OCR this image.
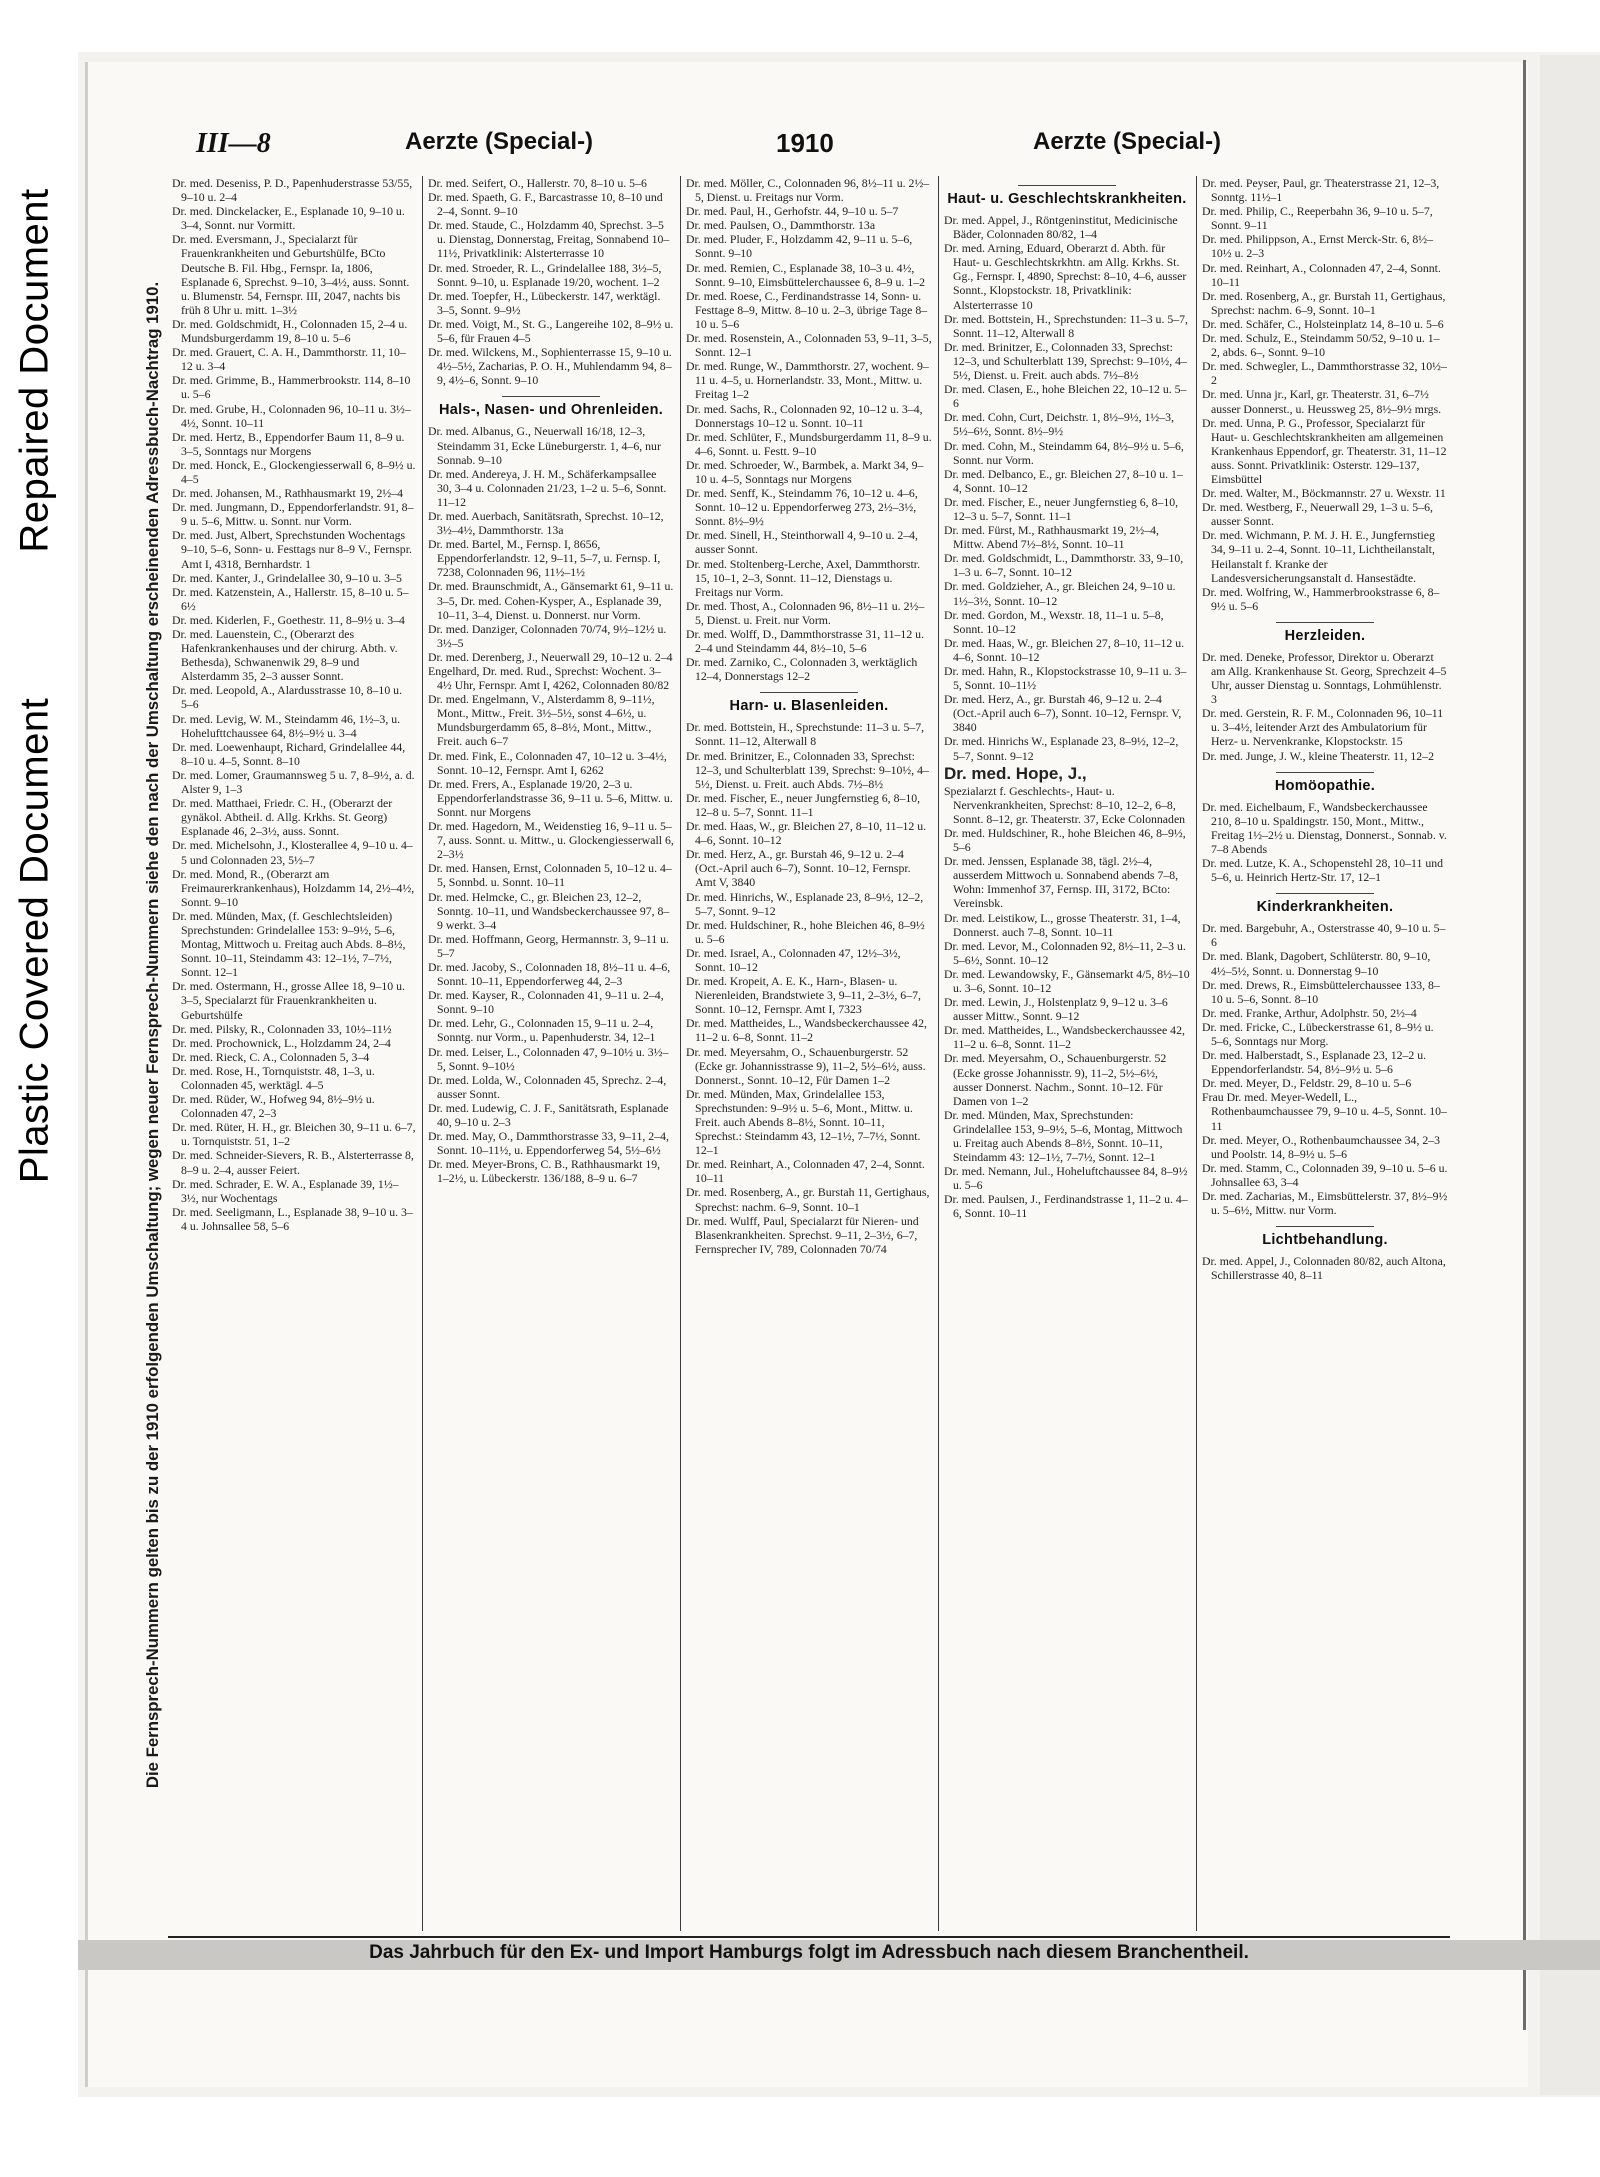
Repaired Document
Plastic Covered Document
III—8	Aerzte (Special-)	1910	Aerzte (Special-)
Die Fernsprech-Nummern gelten bis zu der 1910 erfolgenden Umschaltung; wegen neuer Fernsprech-Nummern siehe den nach der Umschaltung erscheinenden Adressbuch-Nachtrag 1910.
Dr. med. Deseniss, P. D., Papenhuderstrasse 53/55, 9–10 u. 2–4
Dr. med. Dinckelacker, E., Esplanade 10, 9–10 u. 3–4, Sonnt. nur Vormitt.
Dr. med. Eversmann, J., Specialarzt für Frauenkrankheiten und Geburtshülfe, BCto Deutsche B. Fil. Hbg., Fernspr. Ia, 1806, Esplanade 6, Sprechst. 9–10, 3–4½, auss. Sonnt. u. Blumenstr. 54, Fernspr. III, 2047, nachts bis früh 8 Uhr u. mitt. 1–3½
Dr. med. Goldschmidt, H., Colonnaden 15, 2–4 u. Mundsburgerdamm 19, 8–10 u. 5–6
Dr. med. Grauert, C. A. H., Dammthorstr. 11, 10–12 u. 3–4
Dr. med. Grimme, B., Hammerbrookstr. 114, 8–10 u. 5–6
Dr. med. Grube, H., Colonnaden 96, 10–11 u. 3½–4½, Sonnt. 10–11
Dr. med. Hertz, B., Eppendorfer Baum 11, 8–9 u. 3–5, Sonntags nur Morgens
Dr. med. Honck, E., Glockengiesserwall 6, 8–9½ u. 4–5
Dr. med. Johansen, M., Rathhausmarkt 19, 2½–4
Dr. med. Jungmann, D., Eppendorferlandstr. 91, 8–9 u. 5–6, Mittw. u. Sonnt. nur Vorm.
Dr. med. Just, Albert, Sprechstunden Wochentags 9–10, 5–6, Sonn- u. Festtags nur 8–9 V., Fernspr. Amt I, 4318, Bernhardstr. 1
Dr. med. Kanter, J., Grindelallee 30, 9–10 u. 3–5
Dr. med. Katzenstein, A., Hallerstr. 15, 8–10 u. 5–6½
Dr. med. Kiderlen, F., Goethestr. 11, 8–9½ u. 3–4
Dr. med. Lauenstein, C., (Oberarzt des Hafenkrankenhauses und der chirurg. Abth. v. Bethesda), Schwanenwik 29, 8–9 und Alsterdamm 35, 2–3 ausser Sonnt.
Dr. med. Leopold, A., Alardusstrasse 10, 8–10 u. 5–6
Dr. med. Levig, W. M., Steindamm 46, 1½–3, u. Hohelufttchaussee 64, 8½–9½ u. 3–4
Dr. med. Loewenhaupt, Richard, Grindelallee 44, 8–10 u. 4–5, Sonnt. 8–10
Dr. med. Lomer, Graumannsweg 5 u. 7, 8–9½, a. d. Alster 9, 1–3
Dr. med. Matthaei, Friedr. C. H., (Oberarzt der gynäkol. Abtheil. d. Allg. Krkhs. St. Georg) Esplanade 46, 2–3½, auss. Sonnt.
Dr. med. Michelsohn, J., Klosterallee 4, 9–10 u. 4–5 und Colonnaden 23, 5½–7
Dr. med. Mond, R., (Oberarzt am Freimaurerkrankenhaus), Holzdamm 14, 2½–4½, Sonnt. 9–10
Dr. med. Münden, Max, (f. Geschlechtsleiden) Sprechstunden: Grindelallee 153: 9–9½, 5–6, Montag, Mittwoch u. Freitag auch Abds. 8–8½, Sonnt. 10–11, Steindamm 43: 12–1½, 7–7½, Sonnt. 12–1
Dr. med. Ostermann, H., grosse Allee 18, 9–10 u. 3–5, Specialarzt für Frauenkrankheiten u. Geburtshülfe
Dr. med. Pilsky, R., Colonnaden 33, 10½–11½
Dr. med. Prochownick, L., Holzdamm 24, 2–4
Dr. med. Rieck, C. A., Colonnaden 5, 3–4
Dr. med. Rose, H., Tornquiststr. 48, 1–3, u. Colonnaden 45, werktägl. 4–5
Dr. med. Rüder, W., Hofweg 94, 8½–9½ u. Colonnaden 47, 2–3
Dr. med. Rüter, H. H., gr. Bleichen 30, 9–11 u. 6–7, u. Tornquiststr. 51, 1–2
Dr. med. Schneider-Sievers, R. B., Alsterterrasse 8, 8–9 u. 2–4, ausser Feiert.
Dr. med. Schrader, E. W. A., Esplanade 39, 1½–3½, nur Wochentags
Dr. med. Seeligmann, L., Esplanade 38, 9–10 u. 3–4 u. Johnsallee 58, 5–6
Dr. med. Seifert, O., Hallerstr. 70, 8–10 u. 5–6
Dr. med. Spaeth, G. F., Barcastrasse 10, 8–10 und 2–4, Sonnt. 9–10
Dr. med. Staude, C., Holzdamm 40, Sprechst. 3–5 u. Dienstag, Donnerstag, Freitag, Sonnabend 10–11½, Privatklinik: Alsterterrasse 10
Dr. med. Stroeder, R. L., Grindelallee 188, 3½–5, Sonnt. 9–10, u. Esplanade 19/20, wochent. 1–2
Dr. med. Toepfer, H., Lübeckerstr. 147, werktägl. 3–5, Sonnt. 9–9½
Dr. med. Voigt, M., St. G., Langereihe 102, 8–9½ u. 5–6, für Frauen 4–5
Dr. med. Wilckens, M., Sophienterrasse 15, 9–10 u. 4½–5½, Zacharias, P. O. H., Muhlendamm 94, 8–9, 4½–6, Sonnt. 9–10
Hals-, Nasen- und Ohrenleiden.
Dr. med. Albanus, G., Neuerwall 16/18, 12–3, Steindamm 31, Ecke Lüneburgerstr. 1, 4–6, nur Sonnab. 9–10
Dr. med. Andereya, J. H. M., Schäferkampsallee 30, 3–4 u. Colonnaden 21/23, 1–2 u. 5–6, Sonnt. 11–12
Dr. med. Auerbach, Sanitätsrath, Sprechst. 10–12, 3½–4½, Dammthorstr. 13a
Dr. med. Bartel, M., Fernsp. I, 8656, Eppendorferlandstr. 12, 9–11, 5–7, u. Fernsp. I, 7238, Colonnaden 96, 11½–1½
Dr. med. Braunschmidt, A., Gänsemarkt 61, 9–11 u. 3–5, Dr. med. Cohen-Kysper, A., Esplanade 39, 10–11, 3–4, Dienst. u. Donnerst. nur Vorm.
Dr. med. Danziger, Colonnaden 70/74, 9½–12½ u. 3½–5
Dr. med. Derenberg, J., Neuerwall 29, 10–12 u. 2–4
Engelhard, Dr. med. Rud., Sprechst: Wochent. 3–4½ Uhr, Fernspr. Amt I, 4262, Colonnaden 80/82
Dr. med. Engelmann, V., Alsterdamm 8, 9–11½, Mont., Mittw., Freit. 3½–5½, sonst 4–6½, u. Mundsburgerdamm 65, 8–8½, Mont., Mittw., Freit. auch 6–7
Dr. med. Fink, E., Colonnaden 47, 10–12 u. 3–4½, Sonnt. 10–12, Fernspr. Amt I, 6262
Dr. med. Frers, A., Esplanade 19/20, 2–3 u. Eppendorferlandstrasse 36, 9–11 u. 5–6, Mittw. u. Sonnt. nur Morgens
Dr. med. Hagedorn, M., Weidenstieg 16, 9–11 u. 5–7, auss. Sonnt. u. Mittw., u. Glockengiesserwall 6, 2–3½
Dr. med. Hansen, Ernst, Colonnaden 5, 10–12 u. 4–5, Sonnbd. u. Sonnt. 10–11
Dr. med. Helmcke, C., gr. Bleichen 23, 12–2, Sonntg. 10–11, und Wandsbeckerchaussee 97, 8–9 werkt. 3–4
Dr. med. Hoffmann, Georg, Hermannstr. 3, 9–11 u. 5–7
Dr. med. Jacoby, S., Colonnaden 18, 8½–11 u. 4–6, Sonnt. 10–11, Eppendorferweg 44, 2–3
Dr. med. Kayser, R., Colonnaden 41, 9–11 u. 2–4, Sonnt. 9–10
Dr. med. Lehr, G., Colonnaden 15, 9–11 u. 2–4, Sonntg. nur Vorm., u. Papenhuderstr. 34, 12–1
Dr. med. Leiser, L., Colonnaden 47, 9–10½ u. 3½–5, Sonnt. 9–10½
Dr. med. Lolda, W., Colonnaden 45, Sprechz. 2–4, ausser Sonnt.
Dr. med. Ludewig, C. J. F., Sanitätsrath, Esplanade 40, 9–10 u. 2–3
Dr. med. May, O., Dammthorstrasse 33, 9–11, 2–4, Sonnt. 10–11½, u. Eppendorferweg 54, 5½–6½
Dr. med. Meyer-Brons, C. B., Rathhausmarkt 19, 1–2½, u. Lübeckerstr. 136/188, 8–9 u. 6–7
Dr. med. Möller, C., Colonnaden 96, 8½–11 u. 2½–5, Dienst. u. Freitags nur Vorm.
Dr. med. Paul, H., Gerhofstr. 44, 9–10 u. 5–7
Dr. med. Paulsen, O., Dammthorstr. 13a
Dr. med. Pluder, F., Holzdamm 42, 9–11 u. 5–6, Sonnt. 9–10
Dr. med. Remien, C., Esplanade 38, 10–3 u. 4½, Sonnt. 9–10, Eimsbüttelerchaussee 6, 8–9 u. 1–2
Dr. med. Roese, C., Ferdinandstrasse 14, Sonn- u. Festtage 8–9, Mittw. 8–10 u. 2–3, übrige Tage 8–10 u. 5–6
Dr. med. Rosenstein, A., Colonnaden 53, 9–11, 3–5, Sonnt. 12–1
Dr. med. Runge, W., Dammthorstr. 27, wochent. 9–11 u. 4–5, u. Hornerlandstr. 33, Mont., Mittw. u. Freitag 1–2
Dr. med. Sachs, R., Colonnaden 92, 10–12 u. 3–4, Donnerstags 10–12 u. Sonnt. 10–11
Dr. med. Schlüter, F., Mundsburgerdamm 11, 8–9 u. 4–6, Sonnt. u. Festt. 9–10
Dr. med. Schroeder, W., Barmbek, a. Markt 34, 9–10 u. 4–5, Sonntags nur Morgens
Dr. med. Senff, K., Steindamm 76, 10–12 u. 4–6, Sonnt. 10–12 u. Eppendorferweg 273, 2½–3½, Sonnt. 8½–9½
Dr. med. Sinell, H., Steinthorwall 4, 9–10 u. 2–4, ausser Sonnt.
Dr. med. Stoltenberg-Lerche, Axel, Dammthorstr. 15, 10–1, 2–3, Sonnt. 11–12, Dienstags u. Freitags nur Vorm.
Dr. med. Thost, A., Colonnaden 96, 8½–11 u. 2½–5, Dienst. u. Freit. nur Vorm.
Dr. med. Wolff, D., Dammthorstrasse 31, 11–12 u. 2–4 und Steindamm 44, 8½–10, 5–6
Dr. med. Zarniko, C., Colonnaden 3, werktäglich 12–4, Donnerstags 12–2
Harn- u. Blasenleiden.
Dr. med. Bottstein, H., Sprechstunde: 11–3 u. 5–7, Sonnt. 11–12, Alterwall 8
Dr. med. Brinitzer, E., Colonnaden 33, Sprechst: 12–3, und Schulterblatt 139, Sprechst: 9–10½, 4–5½, Dienst. u. Freit. auch Abds. 7½–8½
Dr. med. Fischer, E., neuer Jungfernstieg 6, 8–10, 12–8 u. 5–7, Sonnt. 11–1
Dr. med. Haas, W., gr. Bleichen 27, 8–10, 11–12 u. 4–6, Sonnt. 10–12
Dr. med. Herz, A., gr. Burstah 46, 9–12 u. 2–4 (Oct.-April auch 6–7), Sonnt. 10–12, Fernspr. Amt V, 3840
Dr. med. Hinrichs, W., Esplanade 23, 8–9½, 12–2, 5–7, Sonnt. 9–12
Dr. med. Huldschiner, R., hohe Bleichen 46, 8–9½ u. 5–6
Dr. med. Israel, A., Colonnaden 47, 12½–3½, Sonnt. 10–12
Dr. med. Kropeit, A. E. K., Harn-, Blasen- u. Nierenleiden, Brandstwiete 3, 9–11, 2–3½, 6–7, Sonnt. 10–12, Fernspr. Amt I, 7323
Dr. med. Mattheides, L., Wandsbeckerchaussee 42, 11–2 u. 6–8, Sonnt. 11–2
Dr. med. Meyersahm, O., Schauenburgerstr. 52 (Ecke gr. Johannisstrasse 9), 11–2, 5½–6½, auss. Donnerst., Sonnt. 10–12, Für Damen 1–2
Dr. med. Münden, Max, Grindelallee 153, Sprechstunden: 9–9½ u. 5–6, Mont., Mittw. u. Freit. auch Abends 8–8½, Sonnt. 10–11, Sprechst.: Steindamm 43, 12–1½, 7–7½, Sonnt. 12–1
Dr. med. Reinhart, A., Colonnaden 47, 2–4, Sonnt. 10–11
Dr. med. Rosenberg, A., gr. Burstah 11, Gertighaus, Sprechst: nachm. 6–9, Sonnt. 10–1
Dr. med. Wulff, Paul, Specialarzt für Nieren- und Blasenkrankheiten. Sprechst. 9–11, 2–3½, 6–7, Fernsprecher IV, 789, Colonnaden 70/74
Haut- u. Geschlechtskrankheiten.
Dr. med. Appel, J., Röntgeninstitut, Medicinische Bäder, Colonnaden 80/82, 1–4
Dr. med. Arning, Eduard, Oberarzt d. Abth. für Haut- u. Geschlechtskrkhtn. am Allg. Krkhs. St. Gg., Fernspr. I, 4890, Sprechst: 8–10, 4–6, ausser Sonnt., Klopstockstr. 18, Privatklinik: Alsterterrasse 10
Dr. med. Bottstein, H., Sprechstunden: 11–3 u. 5–7, Sonnt. 11–12, Alterwall 8
Dr. med. Brinitzer, E., Colonnaden 33, Sprechst: 12–3, und Schulterblatt 139, Sprechst: 9–10½, 4–5½, Dienst. u. Freit. auch abds. 7½–8½
Dr. med. Clasen, E., hohe Bleichen 22, 10–12 u. 5–6
Dr. med. Cohn, Curt, Deichstr. 1, 8½–9½, 1½–3, 5½–6½, Sonnt. 8½–9½
Dr. med. Cohn, M., Steindamm 64, 8½–9½ u. 5–6, Sonnt. nur Vorm.
Dr. med. Delbanco, E., gr. Bleichen 27, 8–10 u. 1–4, Sonnt. 10–12
Dr. med. Fischer, E., neuer Jungfernstieg 6, 8–10, 12–3 u. 5–7, Sonnt. 11–1
Dr. med. Fürst, M., Rathhausmarkt 19, 2½–4, Mittw. Abend 7½–8½, Sonnt. 10–11
Dr. med. Goldschmidt, L., Dammthorstr. 33, 9–10, 1–3 u. 6–7, Sonnt. 10–12
Dr. med. Goldzieher, A., gr. Bleichen 24, 9–10 u. 1½–3½, Sonnt. 10–12
Dr. med. Gordon, M., Wexstr. 18, 11–1 u. 5–8, Sonnt. 10–12
Dr. med. Haas, W., gr. Bleichen 27, 8–10, 11–12 u. 4–6, Sonnt. 10–12
Dr. med. Hahn, R., Klopstockstrasse 10, 9–11 u. 3–5, Sonnt. 10–11½
Dr. med. Herz, A., gr. Burstah 46, 9–12 u. 2–4 (Oct.-April auch 6–7), Sonnt. 10–12, Fernspr. V, 3840
Dr. med. Hinrichs W., Esplanade 23, 8–9½, 12–2, 5–7, Sonnt. 9–12
Dr. med. Hope, J.,
Spezialarzt f. Geschlechts-, Haut- u. Nervenkrankheiten, Sprechst: 8–10, 12–2, 6–8, Sonnt. 8–12, gr. Theaterstr. 37, Ecke Colonnaden
Dr. med. Huldschiner, R., hohe Bleichen 46, 8–9½, 5–6
Dr. med. Jenssen, Esplanade 38, tägl. 2½–4, ausserdem Mittwoch u. Sonnabend abends 7–8, Wohn: Immenhof 37, Fernsp. III, 3172, BCto: Vereinsbk.
Dr. med. Leistikow, L., grosse Theaterstr. 31, 1–4, Donnerst. auch 7–8, Sonnt. 10–11
Dr. med. Levor, M., Colonnaden 92, 8½–11, 2–3 u. 5–6½, Sonnt. 10–12
Dr. med. Lewandowsky, F., Gänsemarkt 4/5, 8½–10 u. 3–6, Sonnt. 10–12
Dr. med. Lewin, J., Holstenplatz 9, 9–12 u. 3–6 ausser Mittw., Sonnt. 9–12
Dr. med. Mattheides, L., Wandsbeckerchaussee 42, 11–2 u. 6–8, Sonnt. 11–2
Dr. med. Meyersahm, O., Schauenburgerstr. 52 (Ecke grosse Johannisstr. 9), 11–2, 5½–6½, ausser Donnerst. Nachm., Sonnt. 10–12. Für Damen von 1–2
Dr. med. Münden, Max, Sprechstunden: Grindelallee 153, 9–9½, 5–6, Montag, Mittwoch u. Freitag auch Abends 8–8½, Sonnt. 10–11, Steindamm 43: 12–1½, 7–7½, Sonnt. 12–1
Dr. med. Nemann, Jul., Hoheluftchaussee 84, 8–9½ u. 5–6
Dr. med. Paulsen, J., Ferdinandstrasse 1, 11–2 u. 4–6, Sonnt. 10–11
Dr. med. Peyser, Paul, gr. Theaterstrasse 21, 12–3, Sonntg. 11½–1
Dr. med. Philip, C., Reeperbahn 36, 9–10 u. 5–7, Sonnt. 9–11
Dr. med. Philippson, A., Ernst Merck-Str. 6, 8½–10½ u. 2–3
Dr. med. Reinhart, A., Colonnaden 47, 2–4, Sonnt. 10–11
Dr. med. Rosenberg, A., gr. Burstah 11, Gertighaus, Sprechst: nachm. 6–9, Sonnt. 10–1
Dr. med. Schäfer, C., Holsteinplatz 14, 8–10 u. 5–6
Dr. med. Schulz, E., Steindamm 50/52, 9–10 u. 1–2, abds. 6–, Sonnt. 9–10
Dr. med. Schwegler, L., Dammthorstrasse 32, 10½–2
Dr. med. Unna jr., Karl, gr. Theaterstr. 31, 6–7½ ausser Donnerst., u. Heussweg 25, 8½–9½ mrgs.
Dr. med. Unna, P. G., Professor, Specialarzt für Haut- u. Geschlechtskrankheiten am allgemeinen Krankenhaus Eppendorf, gr. Theaterstr. 31, 11–12 auss. Sonnt. Privatklinik: Osterstr. 129–137, Eimsbüttel
Dr. med. Walter, M., Böckmannstr. 27 u. Wexstr. 11
Dr. med. Westberg, F., Neuerwall 29, 1–3 u. 5–6, ausser Sonnt.
Dr. med. Wichmann, P. M. J. H. E., Jungfernstieg 34, 9–11 u. 2–4, Sonnt. 10–11, Lichtheilanstalt, Heilanstalt f. Kranke der Landesversicherungsanstalt d. Hansestädte.
Dr. med. Wolfring, W., Hammerbrookstrasse 6, 8–9½ u. 5–6
Herzleiden.
Dr. med. Deneke, Professor, Direktor u. Oberarzt am Allg. Krankenhause St. Georg, Sprechzeit 4–5 Uhr, ausser Dienstag u. Sonntags, Lohmühlenstr. 3
Dr. med. Gerstein, R. F. M., Colonnaden 96, 10–11 u. 3–4½, leitender Arzt des Ambulatorium für Herz- u. Nervenkranke, Klopstockstr. 15
Dr. med. Junge, J. W., kleine Theaterstr. 11, 12–2
Homöopathie.
Dr. med. Eichelbaum, F., Wandsbeckerchaussee 210, 8–10 u. Spaldingstr. 150, Mont., Mittw., Freitag 1½–2½ u. Dienstag, Donnerst., Sonnab. v. 7–8 Abends
Dr. med. Lutze, K. A., Schopenstehl 28, 10–11 und 5–6, u. Heinrich Hertz-Str. 17, 12–1
Kinderkrankheiten.
Dr. med. Bargebuhr, A., Osterstrasse 40, 9–10 u. 5–6
Dr. med. Blank, Dagobert, Schlüterstr. 80, 9–10, 4½–5½, Sonnt. u. Donnerstag 9–10
Dr. med. Drews, R., Eimsbüttelerchaussee 133, 8–10 u. 5–6, Sonnt. 8–10
Dr. med. Franke, Arthur, Adolphstr. 50, 2½–4
Dr. med. Fricke, C., Lübeckerstrasse 61, 8–9½ u. 5–6, Sonntags nur Morg.
Dr. med. Halberstadt, S., Esplanade 23, 12–2 u. Eppendorferlandstr. 54, 8½–9½ u. 5–6
Dr. med. Meyer, D., Feldstr. 29, 8–10 u. 5–6
Frau Dr. med. Meyer-Wedell, L., Rothenbaumchaussee 79, 9–10 u. 4–5, Sonnt. 10–11
Dr. med. Meyer, O., Rothenbaumchaussee 34, 2–3 und Poolstr. 14, 8–9½ u. 5–6
Dr. med. Stamm, C., Colonnaden 39, 9–10 u. 5–6 u. Johnsallee 63, 3–4
Dr. med. Zacharias, M., Eimsbüttelerstr. 37, 8½–9½ u. 5–6½, Mittw. nur Vorm.
Lichtbehandlung.
Dr. med. Appel, J., Colonnaden 80/82, auch Altona, Schillerstrasse 40, 8–11
Das Jahrbuch für den Ex- und Import Hamburgs folgt im Adressbuch nach diesem Branchentheil.
